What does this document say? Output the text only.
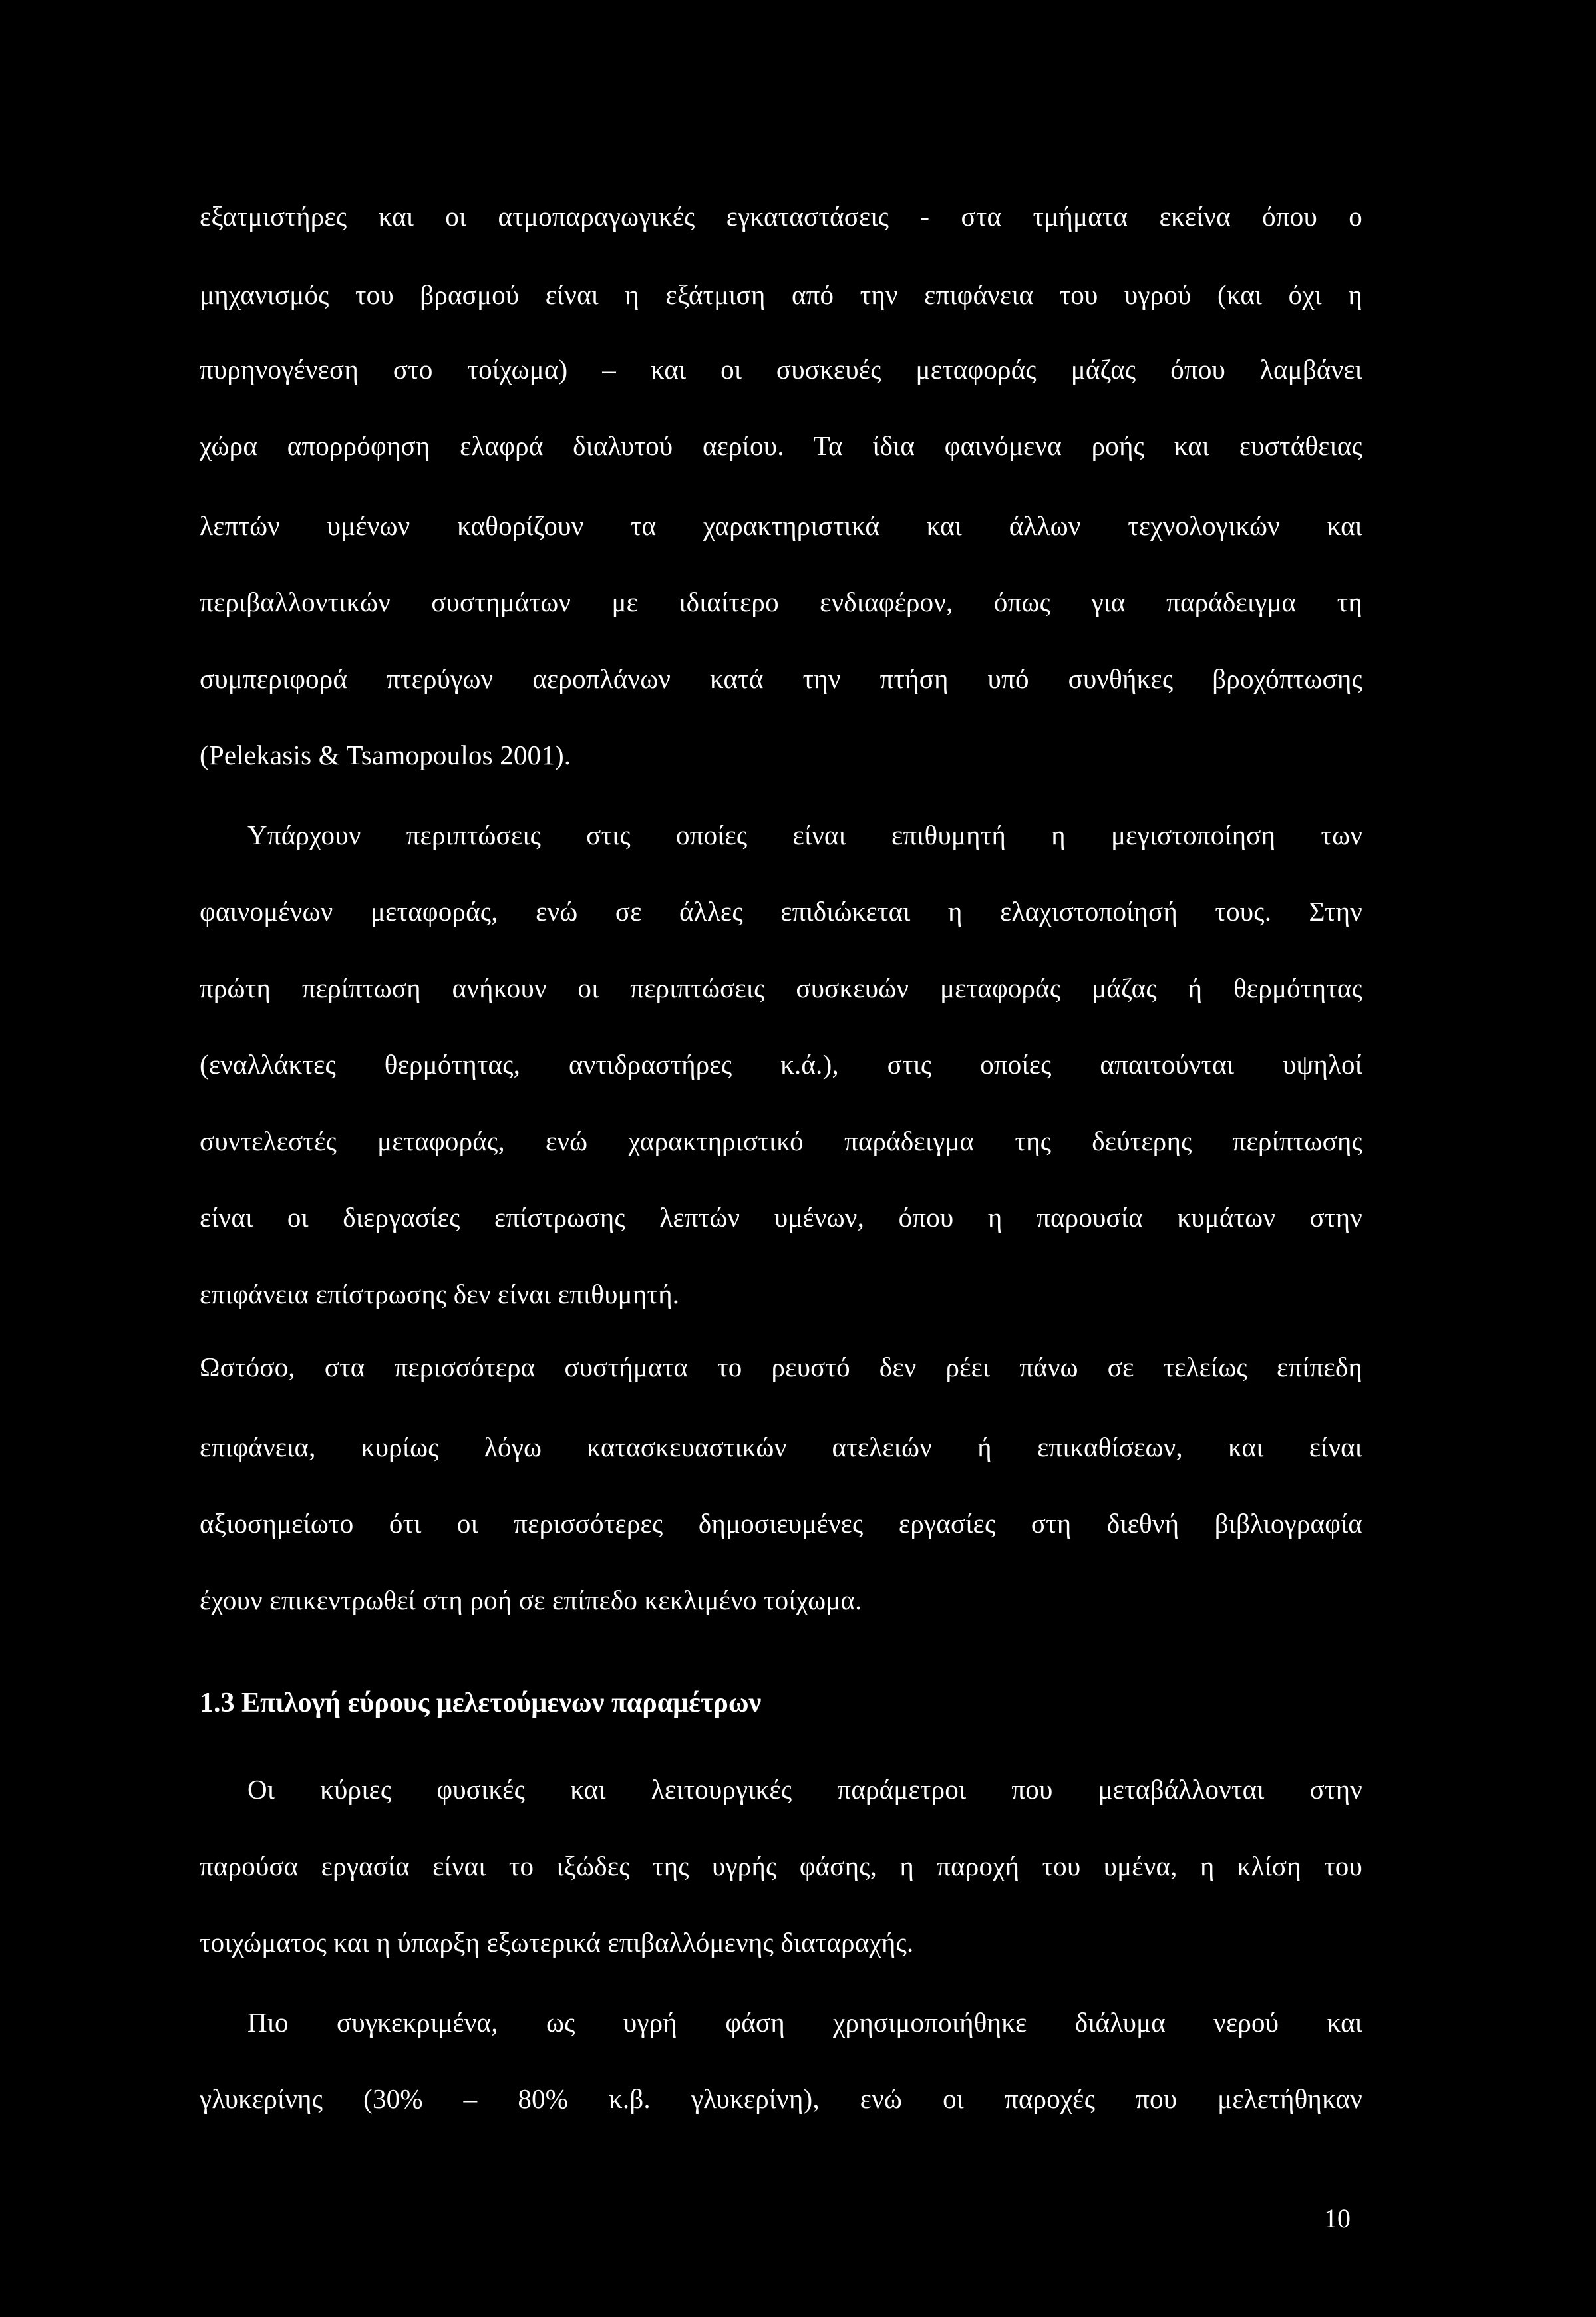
εξατμιστήρες και οι ατμοπαραγωγικές εγκαταστάσεις - στα τμήματα εκείνα όπου ο
μηχανισμός του βρασμού είναι η εξάτμιση από την επιφάνεια του υγρού (και όχι η
πυρηνογένεση στο τοίχωμα) – και οι συσκευές μεταφοράς μάζας όπου λαμβάνει
χώρα απορρόφηση ελαφρά διαλυτού αερίου. Τα ίδια φαινόμενα ροής και ευστάθειας
λεπτών υμένων καθορίζουν τα χαρακτηριστικά και άλλων τεχνολογικών και
περιβαλλοντικών συστημάτων με ιδιαίτερο ενδιαφέρον, όπως για παράδειγμα τη
συμπεριφορά πτερύγων αεροπλάνων κατά την πτήση υπό συνθήκες βροχόπτωσης
(Pelekasis & Tsamopoulos 2001).
Υπάρχουν περιπτώσεις στις οποίες είναι επιθυμητή η μεγιστοποίηση των
φαινομένων μεταφοράς, ενώ σε άλλες επιδιώκεται η ελαχιστοποίησή τους. Στην
πρώτη περίπτωση ανήκουν οι περιπτώσεις συσκευών μεταφοράς μάζας ή θερμότητας
(εναλλάκτες θερμότητας, αντιδραστήρες κ.ά.), στις οποίες απαιτούνται υψηλοί
συντελεστές μεταφοράς, ενώ χαρακτηριστικό παράδειγμα της δεύτερης περίπτωσης
είναι οι διεργασίες επίστρωσης λεπτών υμένων, όπου η παρουσία κυμάτων στην
επιφάνεια επίστρωσης δεν είναι επιθυμητή.
Ωστόσο, στα περισσότερα συστήματα το ρευστό δεν ρέει πάνω σε τελείως επίπεδη
επιφάνεια, κυρίως λόγω κατασκευαστικών ατελειών ή επικαθίσεων, και είναι
αξιοσημείωτο ότι οι περισσότερες δημοσιευμένες εργασίες στη διεθνή βιβλιογραφία
έχουν επικεντρωθεί στη ροή σε επίπεδο κεκλιμένο τοίχωμα.
1.3 Επιλογή εύρους μελετούμενων παραμέτρων
Οι κύριες φυσικές και λειτουργικές παράμετροι που μεταβάλλονται στην
παρούσα εργασία είναι το ιξώδες της υγρής φάσης, η παροχή του υμένα, η κλίση του
τοιχώματος και η ύπαρξη εξωτερικά επιβαλλόμενης διαταραχής.
Πιο συγκεκριμένα, ως υγρή φάση χρησιμοποιήθηκε διάλυμα νερού και
γλυκερίνης (30% – 80% κ.β. γλυκερίνη), ενώ οι παροχές που μελετήθηκαν
10
